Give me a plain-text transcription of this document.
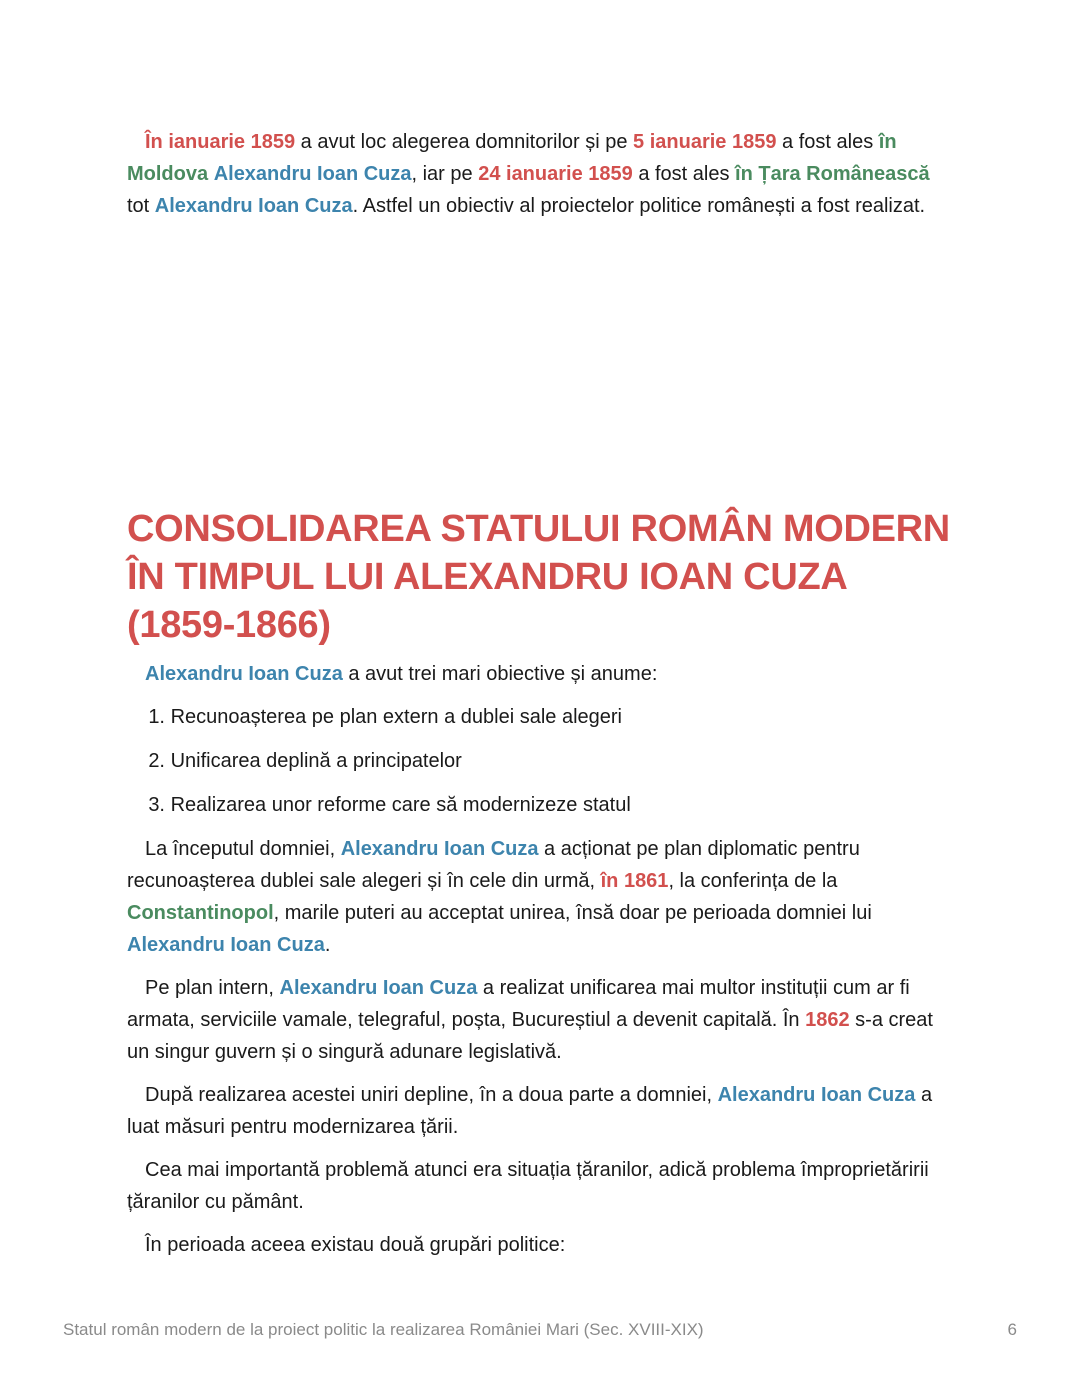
În ianuarie 1859 a avut loc alegerea domnitorilor și pe 5 ianuarie 1859 a fost ales în Moldova Alexandru Ioan Cuza, iar pe 24 ianuarie 1859 a fost ales în Țara Românească tot Alexandru Ioan Cuza. Astfel un obiectiv al proiectelor politice românești a fost realizat.

CONSOLIDAREA STATULUI ROMÂN MODERN ÎN TIMPUL LUI ALEXANDRU IOAN CUZA (1859-1866)

Alexandru Ioan Cuza a avut trei mari obiective și anume:

1. Recunoașterea pe plan extern a dublei sale alegeri
2. Unificarea deplină a principatelor
3. Realizarea unor reforme care să modernizeze statul

La începutul domniei, Alexandru Ioan Cuza a acționat pe plan diplomatic pentru recunoașterea dublei sale alegeri și în cele din urmă, în 1861, la conferința de la Constantinopol, marile puteri au acceptat unirea, însă doar pe perioada domniei lui Alexandru Ioan Cuza.

Pe plan intern, Alexandru Ioan Cuza a realizat unificarea mai multor instituții cum ar fi armata, serviciile vamale, telegraful, poșta, Bucureștiul a devenit capitală. În 1862 s-a creat un singur guvern și o singură adunare legislativă.

După realizarea acestei uniri depline, în a doua parte a domniei, Alexandru Ioan Cuza a luat măsuri pentru modernizarea țării.

Cea mai importantă problemă atunci era situația țăranilor, adică problema împroprietăririi țăranilor cu pământ.

În perioada aceea existau două grupări politice:

Statul român modern de la proiect politic la realizarea României Mari (Sec. XVIII-XIX)	6
